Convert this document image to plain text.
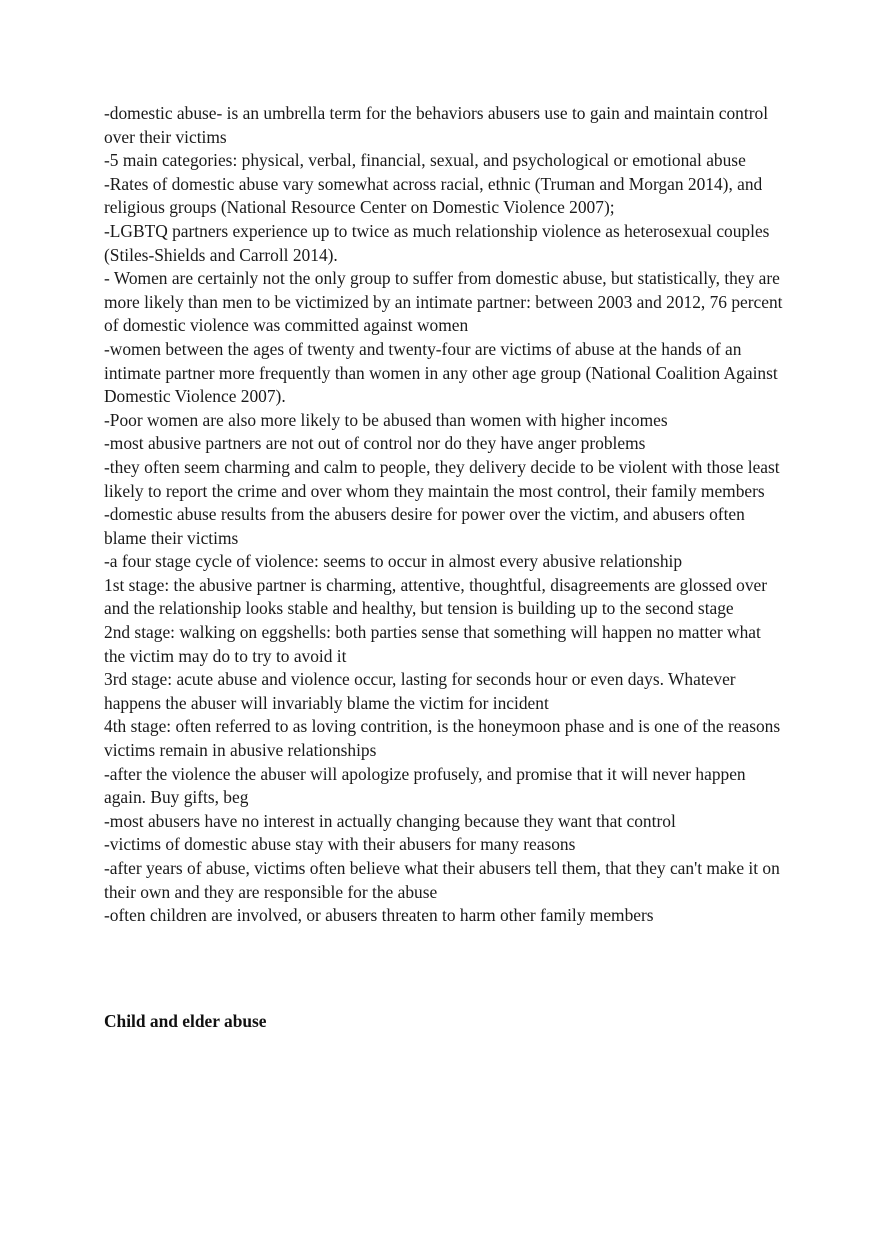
-domestic abuse- is an umbrella term for the behaviors abusers use to gain and maintain control over their victims

-5 main categories: physical, verbal, financial, sexual, and psychological or emotional abuse

-Rates of domestic abuse vary somewhat across racial, ethnic (Truman and Morgan 2014), and religious groups (National Resource Center on Domestic Violence 2007);

-LGBTQ partners experience up to twice as much relationship violence as heterosexual couples (Stiles-Shields and Carroll 2014).

- Women are certainly not the only group to suffer from domestic abuse, but statistically, they are more likely than men to be victimized by an intimate partner: between 2003 and 2012, 76 percent of domestic violence was committed against women

-women between the ages of twenty and twenty-four are victims of abuse at the hands of an intimate partner more frequently than women in any other age group (National Coalition Against Domestic Violence 2007).

-Poor women are also more likely to be abused than women with higher incomes

-most abusive partners are not out of control nor do they have anger problems

-they often seem charming and calm to people, they delivery decide to be violent with those least likely to report the crime and over whom they maintain the most control, their family members

-domestic abuse results from the abusers desire for power over the victim, and abusers often blame their victims

-a four stage cycle of violence: seems to occur in almost every abusive relationship

1st stage: the abusive partner is charming, attentive, thoughtful, disagreements are glossed over and the relationship looks stable and healthy, but tension is building up to the second stage

2nd stage: walking on eggshells: both parties sense that something will happen no matter what the victim may do to try to avoid it

3rd stage: acute abuse and violence occur, lasting for seconds hour or even days. Whatever happens the abuser will invariably blame the victim for incident

4th stage: often referred to as loving contrition, is the honeymoon phase and is one of the reasons victims remain in abusive relationships

-after the violence the abuser will apologize profusely, and promise that it will never happen again. Buy gifts, beg

-most abusers have no interest in actually changing because they want that control

-victims of domestic abuse stay with their abusers for many reasons

-after years of abuse, victims often believe what their abusers tell them, that they can't make it on their own and they are responsible for the abuse

-often children are involved, or abusers threaten to harm other family members

Child and elder abuse
